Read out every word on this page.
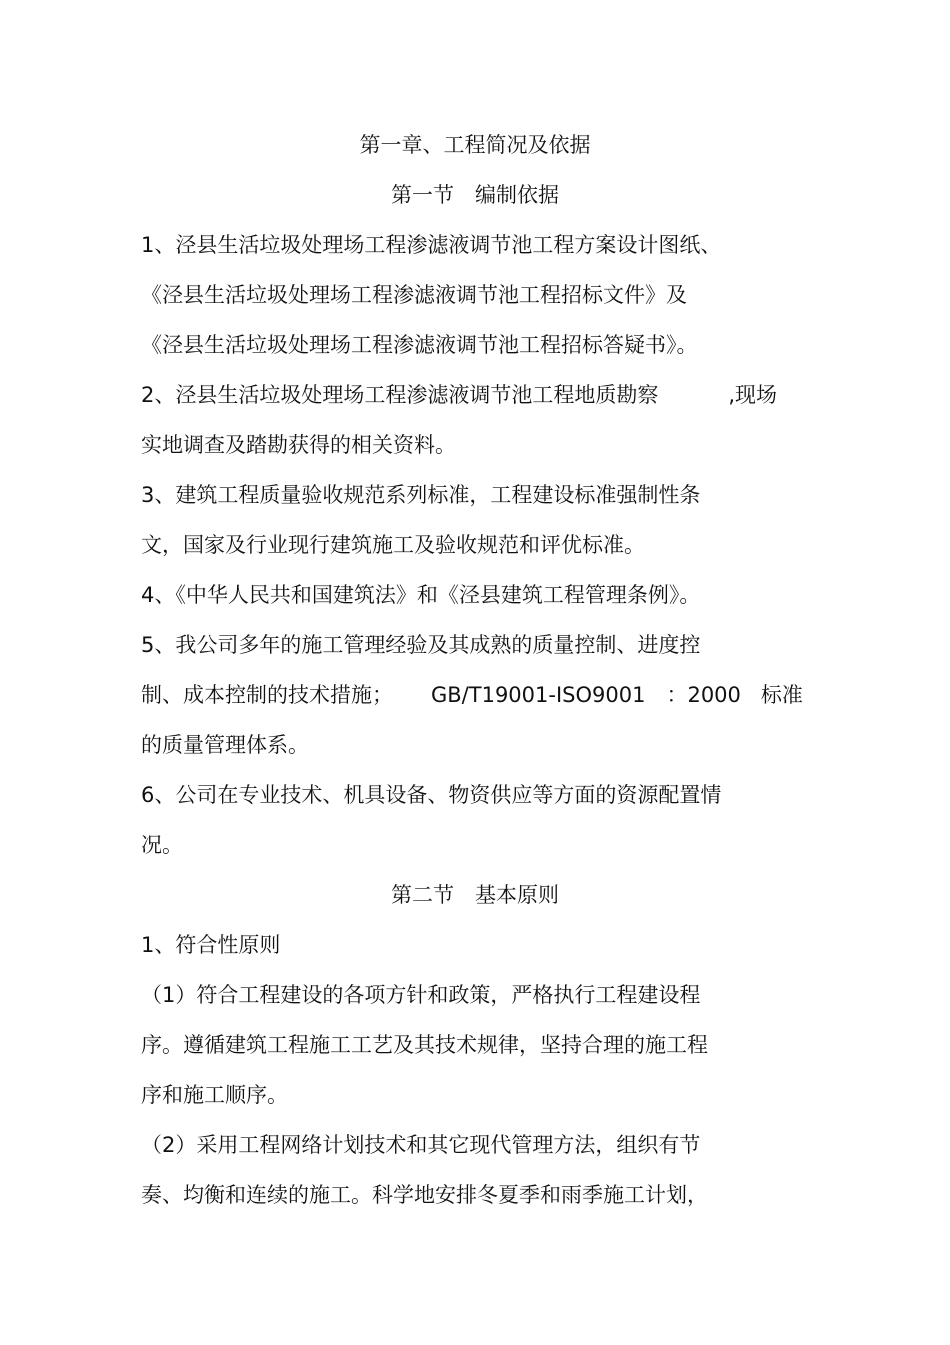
第一章、工程简况及依据
第一节　编制依据
1、泾县生活垃圾处理场工程渗滤液调节池工程方案设计图纸、
《泾县生活垃圾处理场工程渗滤液调节池工程招标文件》及
《泾县生活垃圾处理场工程渗滤液调节池工程招标答疑书》。
2、泾县生活垃圾处理场工程渗滤液调节池工程地质勘察	,现场
实地调查及踏勘获得的相关资料。
3、建筑工程质量验收规范系列标准，工程建设标准强制性条
文，国家及行业现行建筑施工及验收规范和评优标准。
4、《中华人民共和国建筑法》和《泾县建筑工程管理条例》。
5、我公司多年的施工管理经验及其成熟的质量控制、进度控
制、成本控制的技术措施； GB/T19001-ISO9001　：2000 标准
的质量管理体系。
6、公司在专业技术、机具设备、物资供应等方面的资源配置情
况。
第二节　基本原则
1、符合性原则
（1）符合工程建设的各项方针和政策，严格执行工程建设程
序。遵循建筑工程施工工艺及其技术规律，坚持合理的施工程
序和施工顺序。
（2）采用工程网络计划技术和其它现代管理方法，组织有节
奏、均衡和连续的施工。科学地安排冬夏季和雨季施工计划，
